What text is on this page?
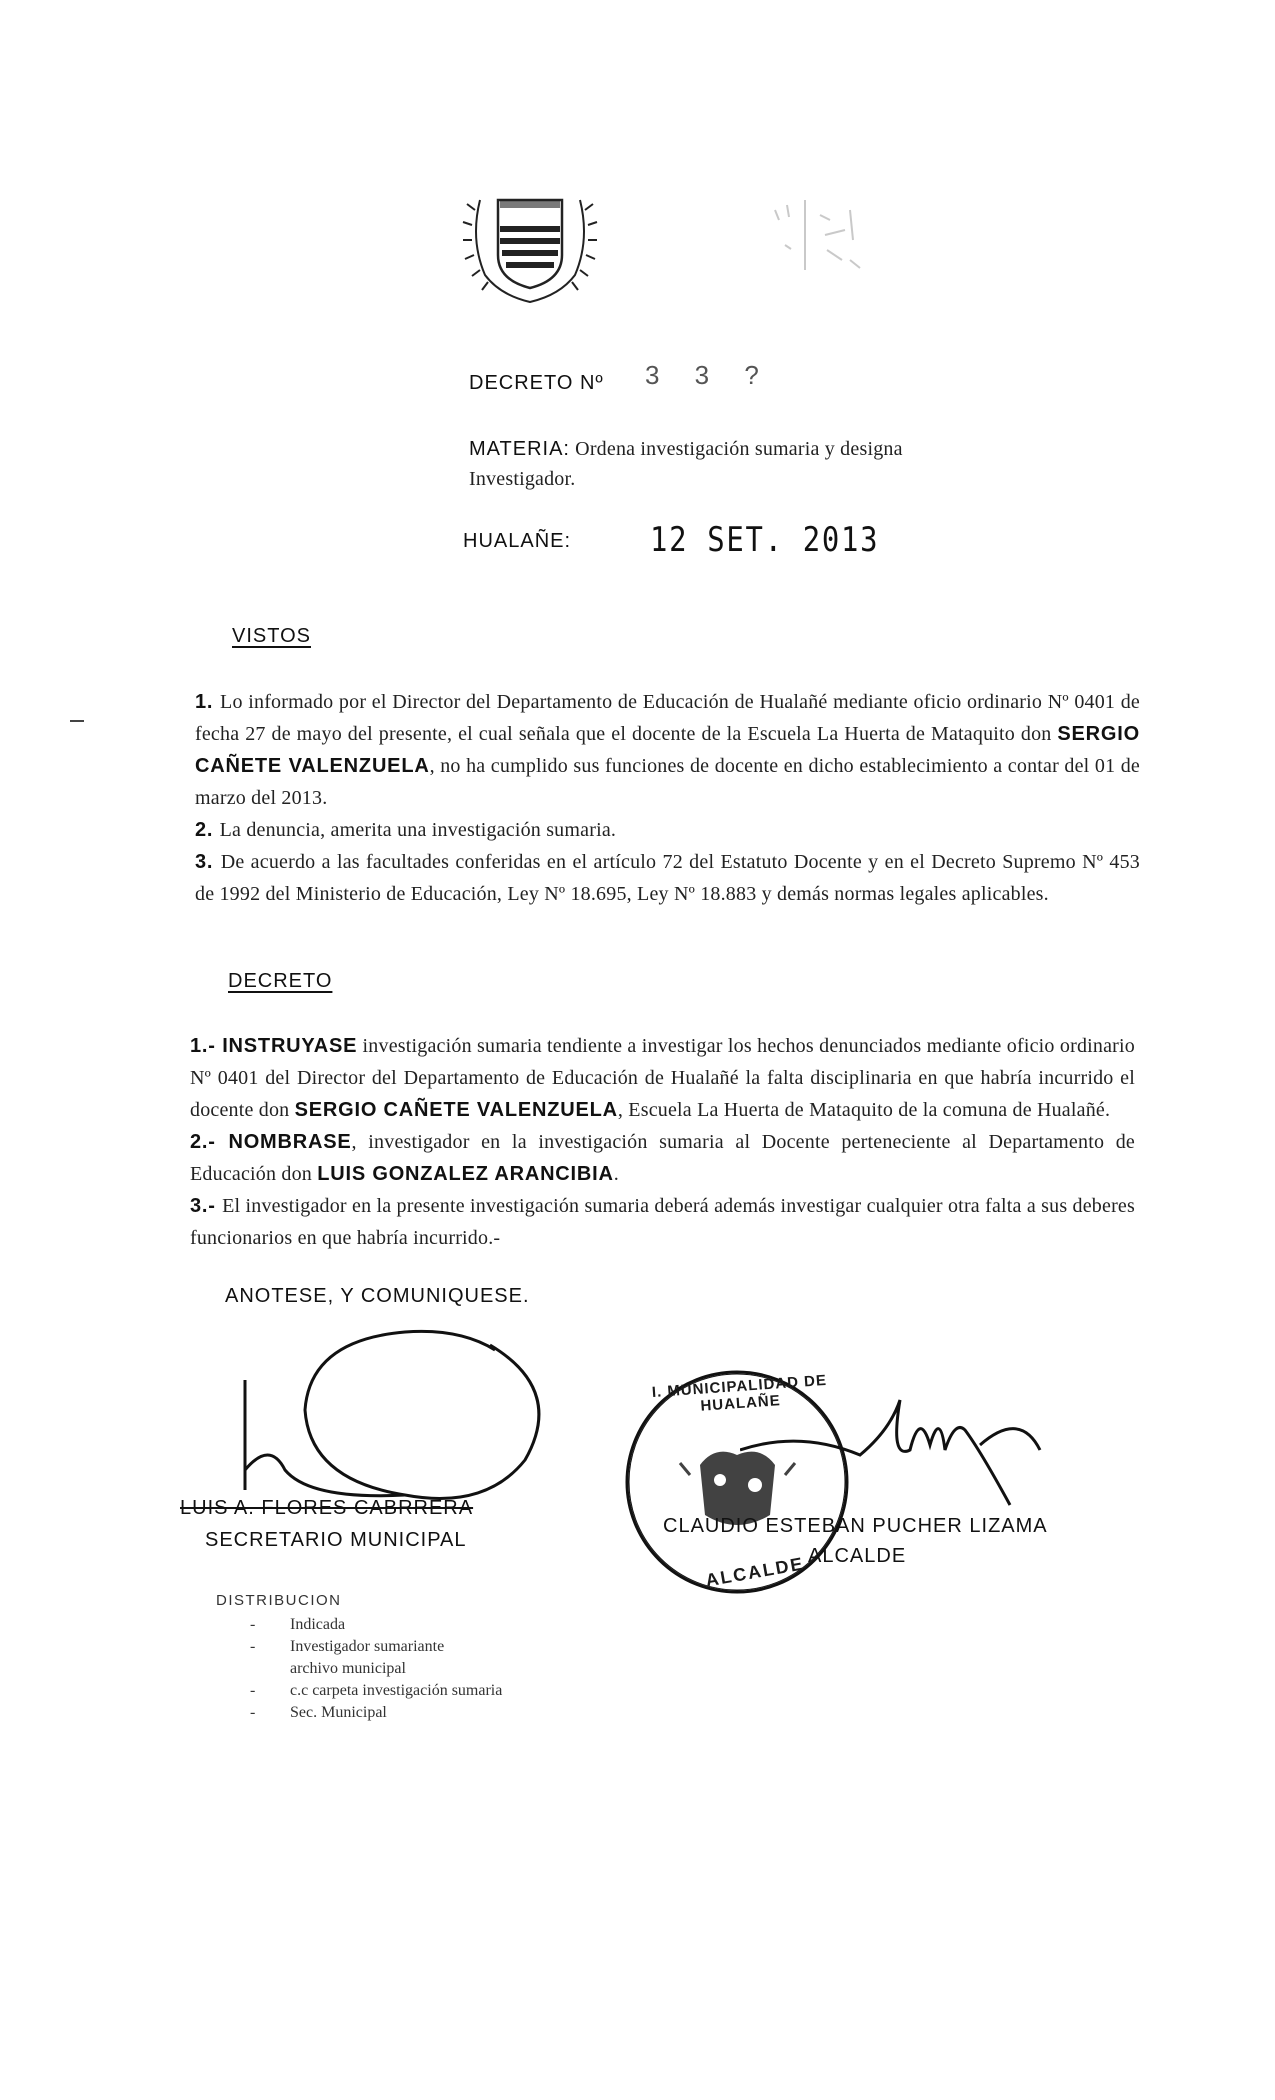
DECRETO Nº 3 3 ?
MATERIA: Ordena investigación sumaria y designa
Investigador.
HUALAÑE: 12 SET. 2013
VISTOS
1. Lo informado por el Director del Departamento de Educación de Hualañé mediante oficio ordinario Nº 0401 de fecha 27 de mayo del presente, el cual señala que el docente de la Escuela La Huerta de Mataquito don SERGIO CAÑETE VALENZUELA, no ha cumplido sus funciones de docente en dicho establecimiento a contar del 01 de marzo del 2013.
2. La denuncia, amerita una investigación sumaria.
3. De acuerdo a las facultades conferidas en el artículo 72 del Estatuto Docente y en el Decreto Supremo Nº 453 de 1992 del Ministerio de Educación, Ley Nº 18.695, Ley Nº 18.883 y demás normas legales aplicables.
DECRETO
1.- INSTRUYASE investigación sumaria tendiente a investigar los hechos denunciados mediante oficio ordinario Nº 0401 del Director del Departamento de Educación de Hualañé la falta disciplinaria en que habría incurrido el docente don SERGIO CAÑETE VALENZUELA, Escuela La Huerta de Mataquito de la comuna de Hualañé.
2.- NOMBRASE, investigador en la investigación sumaria al Docente perteneciente al Departamento de Educación don LUIS GONZALEZ ARANCIBIA.
3.- El investigador en la presente investigación sumaria deberá además investigar cualquier otra falta a sus deberes funcionarios en que habría incurrido.-
ANOTESE, Y COMUNIQUESE.
LUIS A. FLORES CABRRERA
SECRETARIO MUNICIPAL
I. MUNICIPALIDAD DE HUALAÑE
ALCALDE
CLAUDIO ESTEBAN PUCHER LIZAMA
ALCALDE
DISTRIBUCION
- Indicada
- Investigador sumariante
archivo municipal
- c.c carpeta investigación sumaria
- Sec. Municipal
